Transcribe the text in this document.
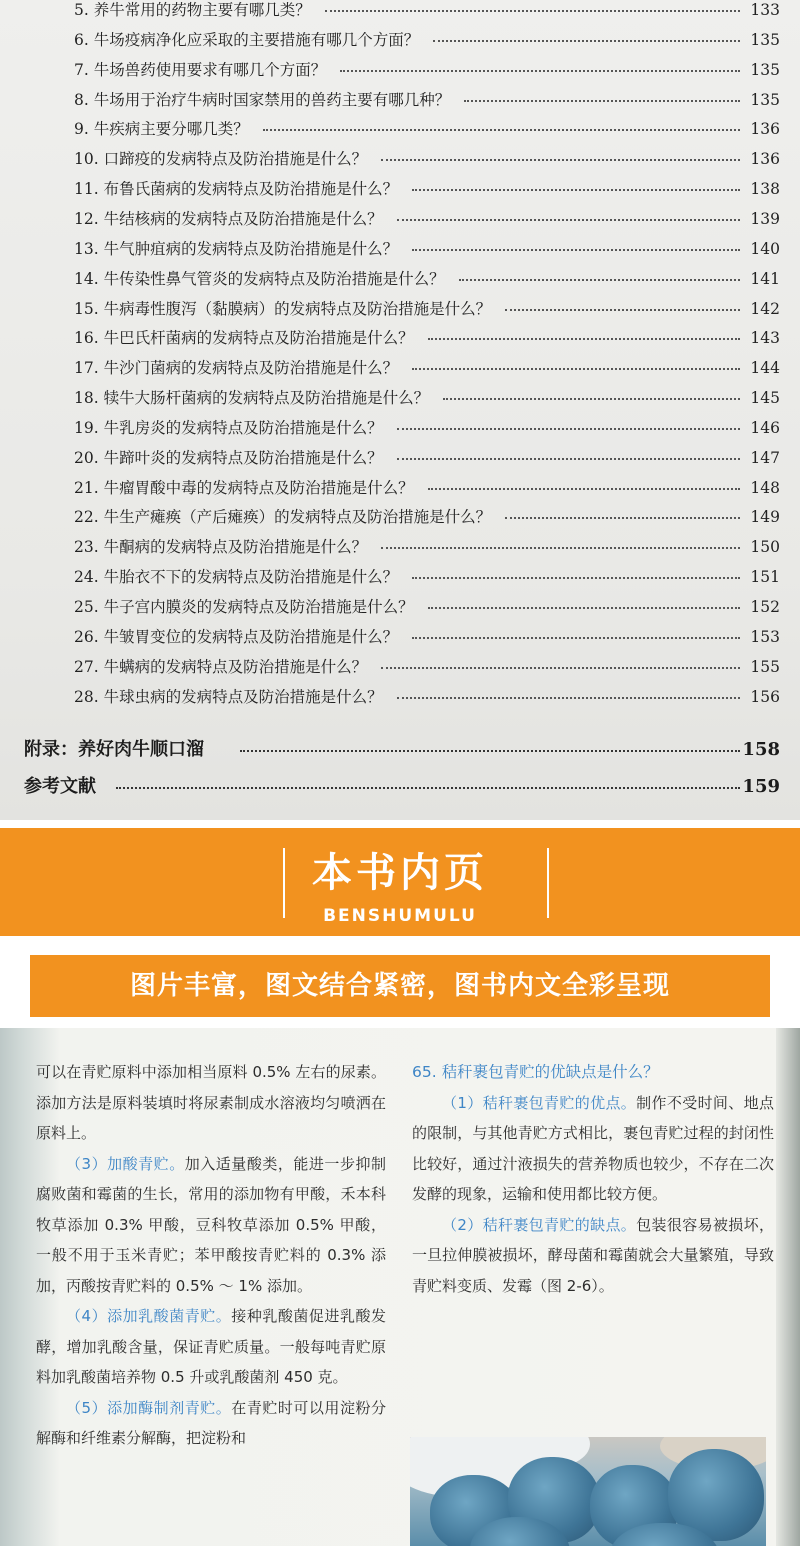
5. 养牛常用的药物主要有哪几类？	133
6. 牛场疫病净化应采取的主要措施有哪几个方面？	135
7. 牛场兽药使用要求有哪几个方面？	135
8. 牛场用于治疗牛病时国家禁用的兽药主要有哪几种？	135
9. 牛疾病主要分哪几类？	136
10. 口蹄疫的发病特点及防治措施是什么？	136
11. 布鲁氏菌病的发病特点及防治措施是什么？	138
12. 牛结核病的发病特点及防治措施是什么？	139
13. 牛气肿疽病的发病特点及防治措施是什么？	140
14. 牛传染性鼻气管炎的发病特点及防治措施是什么？	141
15. 牛病毒性腹泻（黏膜病）的发病特点及防治措施是什么？	142
16. 牛巴氏杆菌病的发病特点及防治措施是什么？	143
17. 牛沙门菌病的发病特点及防治措施是什么？	144
18. 犊牛大肠杆菌病的发病特点及防治措施是什么？	145
19. 牛乳房炎的发病特点及防治措施是什么？	146
20. 牛蹄叶炎的发病特点及防治措施是什么？	147
21. 牛瘤胃酸中毒的发病特点及防治措施是什么？	148
22. 牛生产瘫痪（产后瘫痪）的发病特点及防治措施是什么？	149
23. 牛酮病的发病特点及防治措施是什么？	150
24. 牛胎衣不下的发病特点及防治措施是什么？	151
25. 牛子宫内膜炎的发病特点及防治措施是什么？	152
26. 牛皱胃变位的发病特点及防治措施是什么？	153
27. 牛螨病的发病特点及防治措施是什么？	155
28. 牛球虫病的发病特点及防治措施是什么？	156
附录：养好肉牛顺口溜	158
参考文献	159
本书内页
BENSHUMULU
图片丰富，图文结合紧密，图书内文全彩呈现

可以在青贮原料中添加相当原料 0.5% 左右的尿素。添加方法是原料装填时将尿素制成水溶液均匀喷洒在原料上。

（3）加酸青贮。加入适量酸类，能进一步抑制腐败菌和霉菌的生长，常用的添加物有甲酸，禾本科牧草添加 0.3% 甲酸，豆科牧草添加 0.5% 甲酸，一般不用于玉米青贮；苯甲酸按青贮料的 0.3% 添加，丙酸按青贮料的 0.5% ～ 1% 添加。

（4）添加乳酸菌青贮。接种乳酸菌促进乳酸发酵，增加乳酸含量，保证青贮质量。一般每吨青贮原料加乳酸菌培养物 0.5 升或乳酸菌剂 450 克。

（5）添加酶制剂青贮。在青贮时可以用淀粉分解酶和纤维素分解酶，把淀粉和

65. 秸秆裹包青贮的优缺点是什么？

（1）秸秆裹包青贮的优点。制作不受时间、地点的限制，与其他青贮方式相比，裹包青贮过程的封闭性比较好，通过汁液损失的营养物质也较少，不存在二次发酵的现象，运输和使用都比较方便。

（2）秸秆裹包青贮的缺点。包装很容易被损坏，一旦拉伸膜被损坏，酵母菌和霉菌就会大量繁殖，导致青贮料变质、发霉（图 2-6）。
